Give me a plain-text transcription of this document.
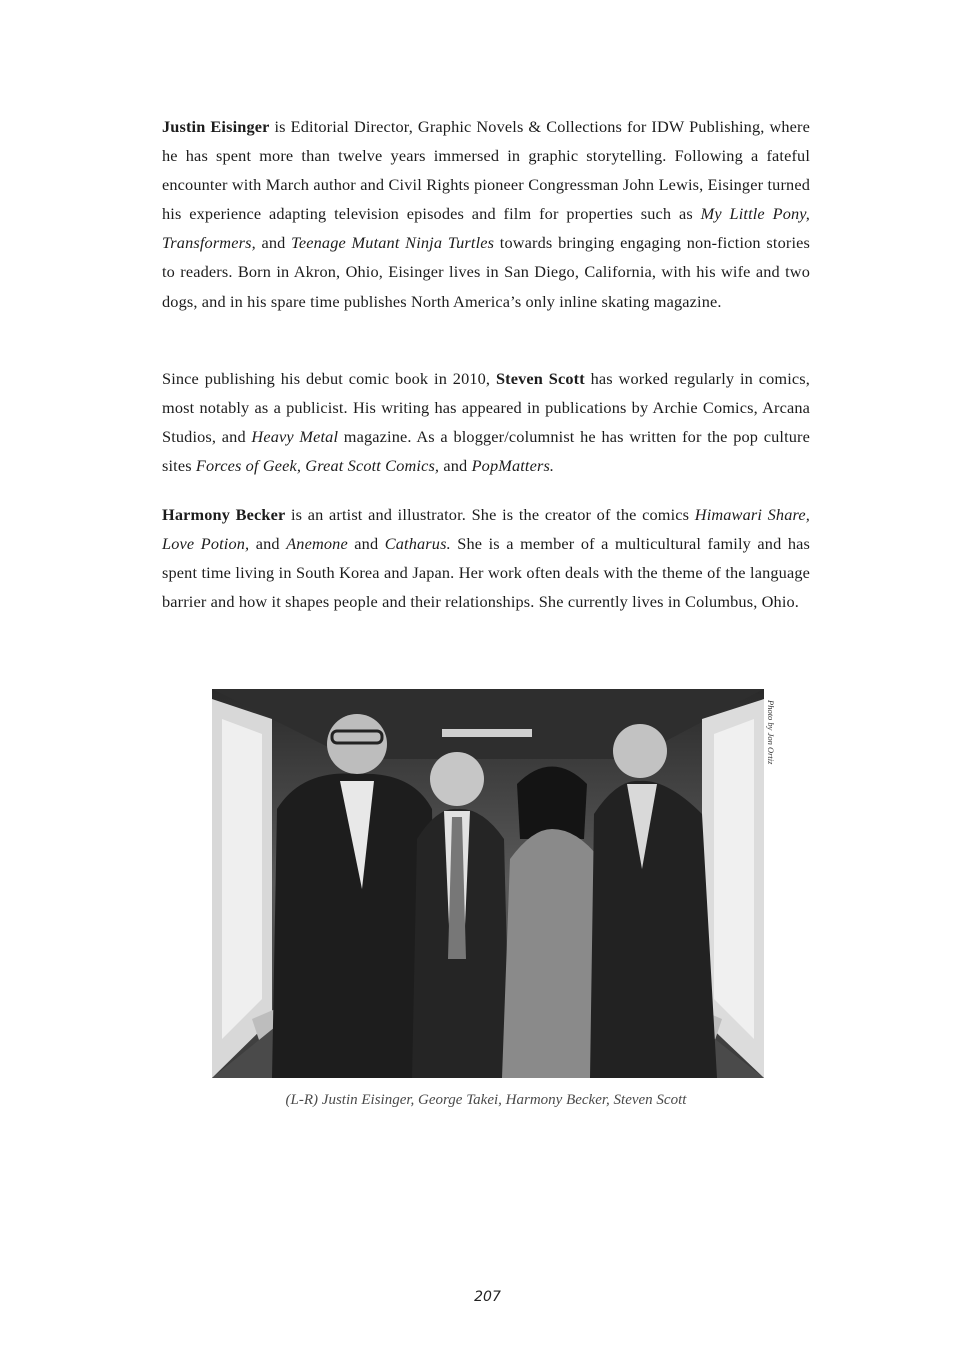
Justin Eisinger is Editorial Director, Graphic Novels & Collections for IDW Publishing, where he has spent more than twelve years immersed in graphic storytelling. Following a fateful encounter with March author and Civil Rights pioneer Congressman John Lewis, Eisinger turned his experience adapting television episodes and film for properties such as My Little Pony, Transformers, and Teenage Mutant Ninja Turtles towards bringing engaging non-fiction stories to readers. Born in Akron, Ohio, Eisinger lives in San Diego, California, with his wife and two dogs, and in his spare time publishes North America’s only inline skating magazine.

Since publishing his debut comic book in 2010, Steven Scott has worked regularly in comics, most notably as a publicist. His writing has appeared in publications by Archie Comics, Arcana Studios, and Heavy Metal magazine. As a blogger/columnist he has written for the pop culture sites Forces of Geek, Great Scott Comics, and PopMatters.

Harmony Becker is an artist and illustrator. She is the creator of the comics Himawari Share, Love Potion, and Anemone and Catharus. She is a member of a multicultural family and has spent time living in South Korea and Japan. Her work often deals with the theme of the language barrier and how it shapes people and their relationships. She currently lives in Columbus, Ohio.

Photo by Jon Ortiz
(L-R) Justin Eisinger, George Takei, Harmony Becker, Steven Scott
207
